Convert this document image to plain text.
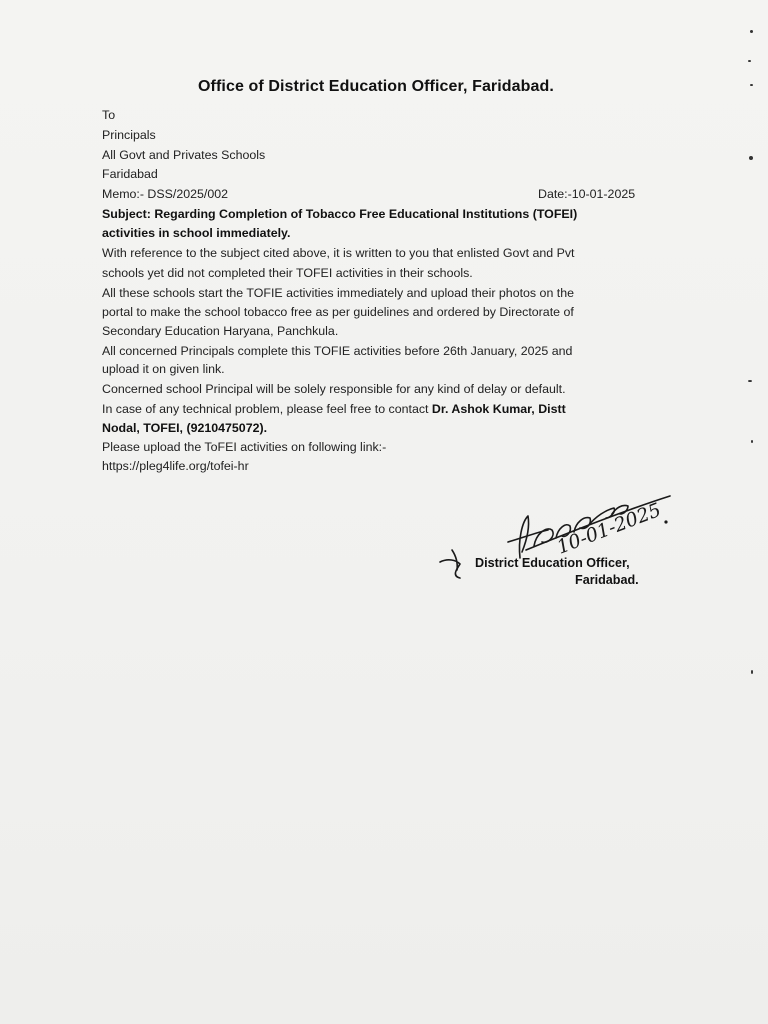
Office of District Education Officer, Faridabad.
To
Principals
All Govt and Privates Schools
Faridabad
Memo:- DSS/2025/002	Date:-10-01-2025
Subject: Regarding Completion of Tobacco Free Educational Institutions (TOFEI)
activities in school immediately.
With reference to the subject cited above, it is written to you that enlisted Govt and Pvt
schools yet did not completed their TOFEI activities in their schools.
All these schools start the TOFIE activities immediately and upload their photos on the
portal to make the school tobacco free as per guidelines and ordered by Directorate of
Secondary Education Haryana, Panchkula.
All concerned Principals complete this TOFIE activities before 26th January, 2025 and
upload it on given link.
Concerned school Principal will be solely responsible for any kind of delay or default.
In case of any technical problem, please feel free to contact Dr. Ashok Kumar, Distt
Nodal, TOFEI, (9210475072).
Please upload the ToFEI activities on following link:-
https://pleg4life.org/tofei-hr
10-01-2025
District Education Officer,
Faridabad.
